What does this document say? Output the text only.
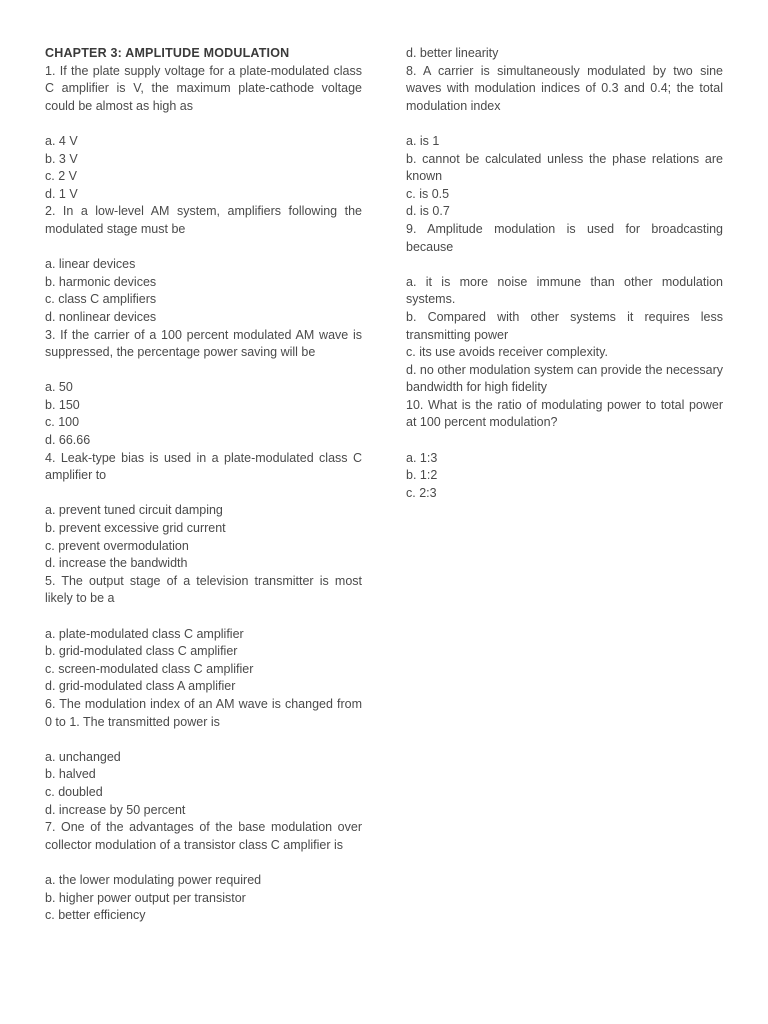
CHAPTER 3: AMPLITUDE MODULATION
1. If the plate supply voltage for a plate-modulated class C amplifier is V, the maximum plate-cathode voltage could be almost as high as
a. 4 V
b. 3 V
c. 2 V
d. 1 V
2. In a low-level AM system, amplifiers following the modulated stage must be
a. linear devices
b. harmonic devices
c. class C amplifiers
d. nonlinear devices
3. If the carrier of a 100 percent modulated AM wave is suppressed, the percentage power saving will be
a. 50
b. 150
c. 100
d. 66.66
4. Leak-type bias is used in a plate-modulated class C amplifier to
a. prevent tuned circuit damping
b. prevent excessive grid current
c. prevent overmodulation
d. increase the bandwidth
5. The output stage of a television transmitter is most likely to be a
a. plate-modulated class C amplifier
b. grid-modulated class C amplifier
c. screen-modulated class C amplifier
d. grid-modulated class A amplifier
6. The modulation index of an AM wave is changed from 0 to 1. The transmitted power is
a. unchanged
b. halved
c. doubled
d. increase by 50 percent
7. One of the advantages of the base modulation over collector modulation of a transistor class C amplifier is
a. the lower modulating power required
b. higher power output per transistor
c. better efficiency
d. better linearity
8. A carrier is simultaneously modulated by two sine waves with modulation indices of 0.3 and 0.4; the total modulation index
a. is 1
b. cannot be calculated unless the phase relations are known
c. is 0.5
d. is 0.7
9. Amplitude modulation is used for broadcasting because
a. it is more noise immune than other modulation systems.
b. Compared with other systems it requires less transmitting power
c. its use avoids receiver complexity.
d. no other modulation system can provide the necessary bandwidth for high fidelity
10. What is the ratio of modulating power to total power at 100 percent modulation?
a. 1:3
b. 1:2
c. 2:3
